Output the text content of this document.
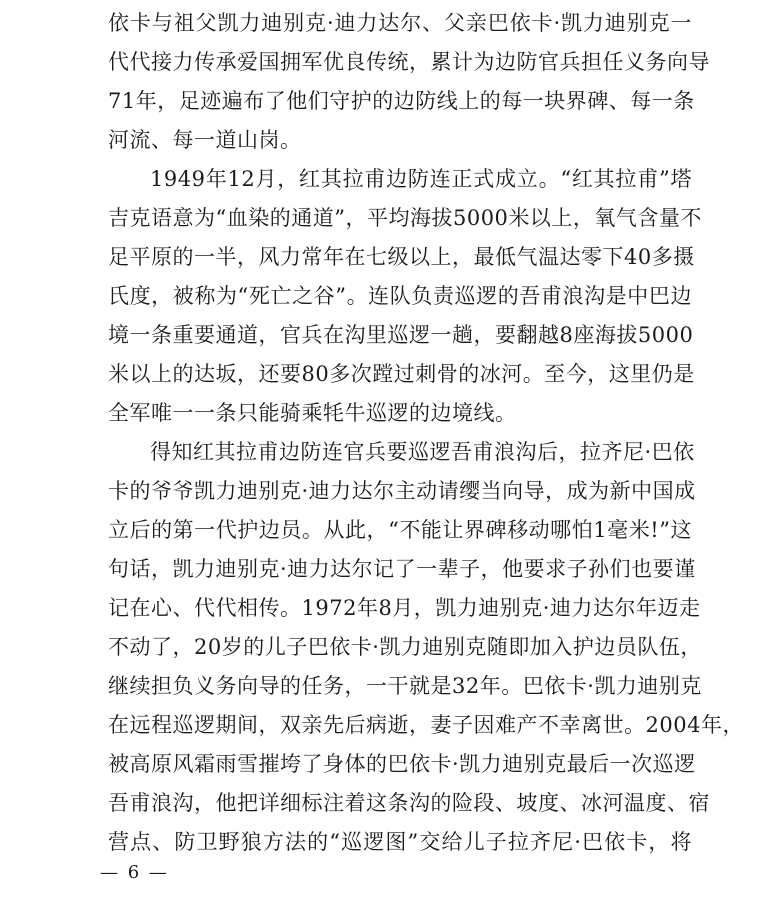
依卡与祖父凯力迪别克·迪力达尔、父亲巴依卡·凯力迪别克一
代代接力传承爱国拥军优良传统，累计为边防官兵担任义务向导
71年，足迹遍布了他们守护的边防线上的每一块界碑、每一条
河流、每一道山岗。
1949年12月，红其拉甫边防连正式成立。“红其拉甫”塔
吉克语意为“血染的通道”，平均海拔5000米以上，氧气含量不
足平原的一半，风力常年在七级以上，最低气温达零下40多摄
氏度，被称为“死亡之谷”。连队负责巡逻的吾甫浪沟是中巴边
境一条重要通道，官兵在沟里巡逻一趟，要翻越8座海拔5000
米以上的达坂，还要80多次蹚过刺骨的冰河。至今，这里仍是
全军唯一一条只能骑乘牦牛巡逻的边境线。
得知红其拉甫边防连官兵要巡逻吾甫浪沟后，拉齐尼·巴依
卡的爷爷凯力迪别克·迪力达尔主动请缨当向导，成为新中国成
立后的第一代护边员。从此，“不能让界碑移动哪怕1毫米!”这
句话，凯力迪别克·迪力达尔记了一辈子，他要求子孙们也要谨
记在心、代代相传。1972年8月，凯力迪别克·迪力达尔年迈走
不动了，20岁的儿子巴依卡·凯力迪别克随即加入护边员队伍，
继续担负义务向导的任务，一干就是32年。巴依卡·凯力迪别克
在远程巡逻期间，双亲先后病逝，妻子因难产不幸离世。2004年，
被高原风霜雨雪摧垮了身体的巴依卡·凯力迪别克最后一次巡逻
吾甫浪沟，他把详细标注着这条沟的险段、坡度、冰河温度、宿
营点、防卫野狼方法的“巡逻图”交给儿子拉齐尼·巴依卡，将
— 6 —
